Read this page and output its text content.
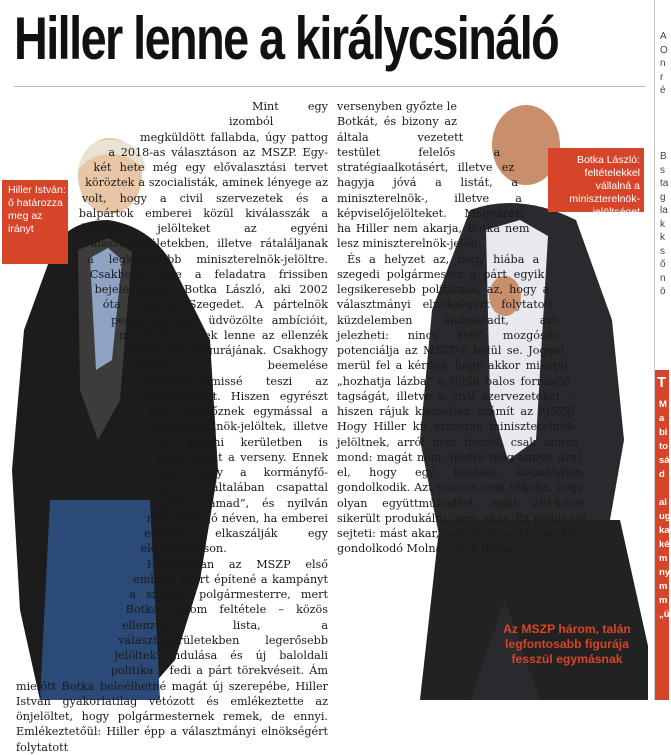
Hiller lenne a királycsináló

Mint egy izomból megküldött fallabda, úgy pattog a 2018-as választáson az MSZP. Egy-két hete még egy elővalasztási tervet köröztek a szocialisták, aminek lényege az volt, hogy a civil szervezetek és a balpártok emberei közül kiválasszák a legjobb jelölteket az egyéni választókerületekben, illetve rátaláljanak a legkiasszabb miniszterelnök-jelöltre. Csakhogy erre a feladatra frissiben bejelentkezett Botka László, aki 2002 óta irányítja Szegedet. A pártelnök pedig melegen üdvözölte ambícióit, mondván: remek lenne az ellenzék közös címerfigurájának. Csakhogy Botka beemelése felülírja/semmissé teszi az elővalasztást. Hiszen egyrészt nem mérkőznek egymással a miniszterelnök-jelöltek, illetve az egyéni kerületben is elmaradhat a verseny. Ennek oka, hogy a kormányfő-aspiráns általában csapattal együtt „támad”, és nyilván nem veszi jó néven, ha emberei esetleg elkaszálják egy elővalasztáson.

Hivatalosan az MSZP első embere azért építené a kampányt a szegedi polgármesterre, mert Botka három feltétele – közös ellenzéki lista, a választókerületekben legerősebb jelöltek indulása és új baloldali politika – fedi a párt törekvéseit. Ám mielőtt Botka beleélhetné magát új szerepébe, Hiller István gyakorlatilag vétózott és emlékeztette az önjelöltet, hogy polgármesternek remek, de ennyi. Emlékeztetőül: Hiller épp a választmányi elnökségért folytatott

versenyben győzte le Botkát, és bizony az általa vezetett testület felelős a stratégiaalkotásért, illetve ez hagyja jóvá a listát, a miniszterelnök-, illetve a képviselőjelölteket. Magyarán: ha Hiller nem akarja, Botka nem lesz miniszterelnök-jelölt.

És a helyzet az, hogy hiába a szegedi polgármester a párt egyik legsikeresebb politikusa, az, hogy a választmányi elnökségért folytatott küzdelemben alulmaradt, azt jelezheti: nincs kellő mozgósító potenciálja az MSZP-n belül se. Joggal merül fel a kérdés, hogy akkor miképp „hozhatja lázba” a többi balos formáció tagságát, illetve a civil szervezeteket – hiszen rájuk kiemelten számít az MSZP. Hogy Hiller kit szeretne miniszterelnök-jelöltnek, arról nem beszél, csak annyit mond: magát nem. Illetve még annyit árul el, hogy egy közéleti személyben gondolkodik. Azt viszont nem titkolja, hogy olyan együttműködést, amit 2014-ben sikerült produkálni, nem akar. Ez pedig azt sejteti: mást akar, mint a választási pártban gondolkodó Molnár vagy Botka.

Hiller István: ő határozza meg az irányt
Botka László: feltételekkel vállalná a miniszterelnök-jelöltséget
Az MSZP három, talán legfontosabb figurája fesszül egymásnak
A
O
n
r
é
B
s
ta
g
la
k
k
s
ő
n
ö
T
M
a
bi
to
sá
d

al
ug
ka
ké
m
ny
m
m
„ü
